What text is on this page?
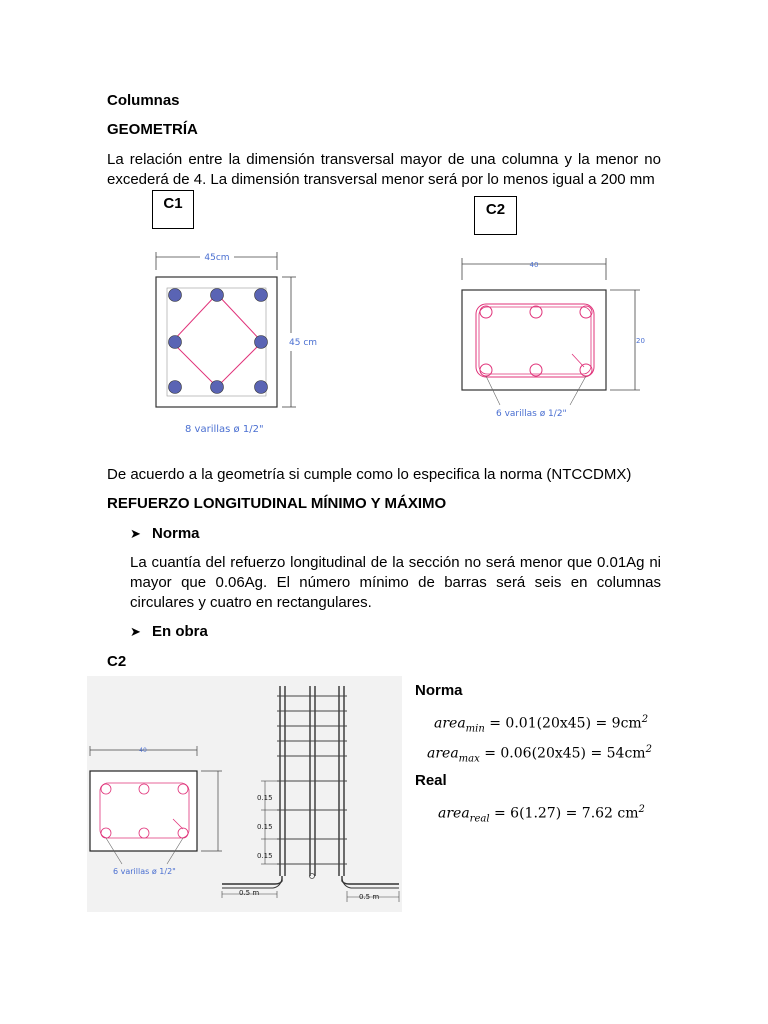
Columnas
GEOMETRÍA
La relación entre la dimensión transversal mayor de una columna y la menor no excederá de 4. La dimensión transversal menor será por lo menos igual a 200 mm
C1	C2
45cm
45 cm
8 varillas ø 1/2"
40
20
6 varillas ø 1/2"
De acuerdo a la geometría si cumple como lo especifica la norma (NTCCDMX)
REFUERZO LONGITUDINAL MÍNIMO Y MÁXIMO
➤ Norma
La cuantía del refuerzo longitudinal de la sección no será menor que 0.01Ag ni mayor que 0.06Ag. El número mínimo de barras será seis en columnas circulares y cuatro en rectangulares.
➤ En obra
C2
40
6 varillas ø 1/2"
0.15
0.15
0.15
0.5 m	0.5 m
Norma
area$_{min}$ = $0.01(20x45) = 9cm^2$
area$_{max}$ = $0.06(20x45) = 54cm^2$
Real
area$_{real}$ = 6(1.27) = 7.62 $cm^2$
